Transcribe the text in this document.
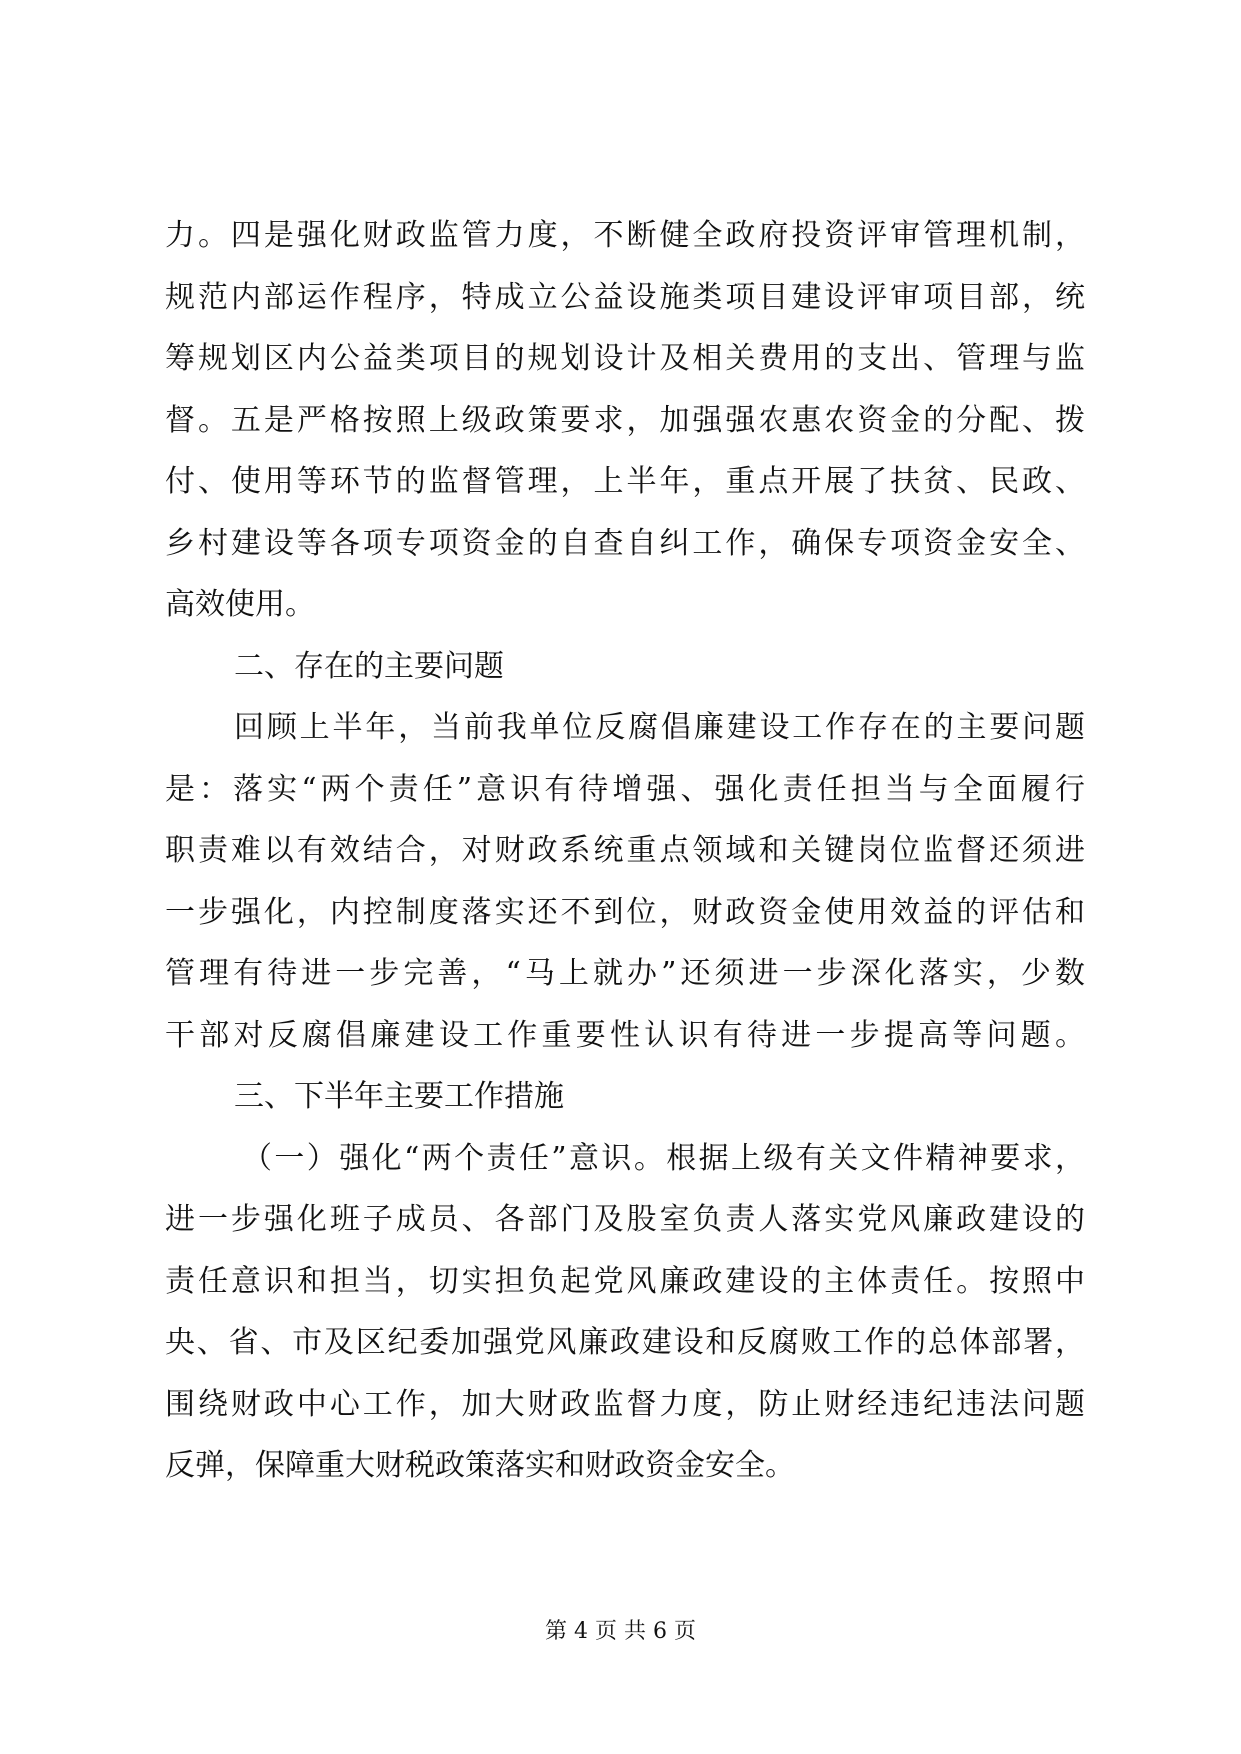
力。四是强化财政监管力度，不断健全政府投资评审管理机制，
规范内部运作程序，特成立公益设施类项目建设评审项目部，统
筹规划区内公益类项目的规划设计及相关费用的支出、管理与监
督。五是严格按照上级政策要求，加强强农惠农资金的分配、拨
付、使用等环节的监督管理，上半年，重点开展了扶贫、民政、
乡村建设等各项专项资金的自查自纠工作，确保专项资金安全、
高效使用。
二、存在的主要问题
回顾上半年，当前我单位反腐倡廉建设工作存在的主要问题
是：落实“两个责任”意识有待增强、强化责任担当与全面履行
职责难以有效结合，对财政系统重点领域和关键岗位监督还须进
一步强化，内控制度落实还不到位，财政资金使用效益的评估和
管理有待进一步完善，“马上就办”还须进一步深化落实，少数
干部对反腐倡廉建设工作重要性认识有待进一步提高等问题。
三、下半年主要工作措施
（一）强化“两个责任”意识。根据上级有关文件精神要求，
进一步强化班子成员、各部门及股室负责人落实党风廉政建设的
责任意识和担当，切实担负起党风廉政建设的主体责任。按照中
央、省、市及区纪委加强党风廉政建设和反腐败工作的总体部署，
围绕财政中心工作，加大财政监督力度，防止财经违纪违法问题
反弹，保障重大财税政策落实和财政资金安全。
第 4 页 共 6 页
